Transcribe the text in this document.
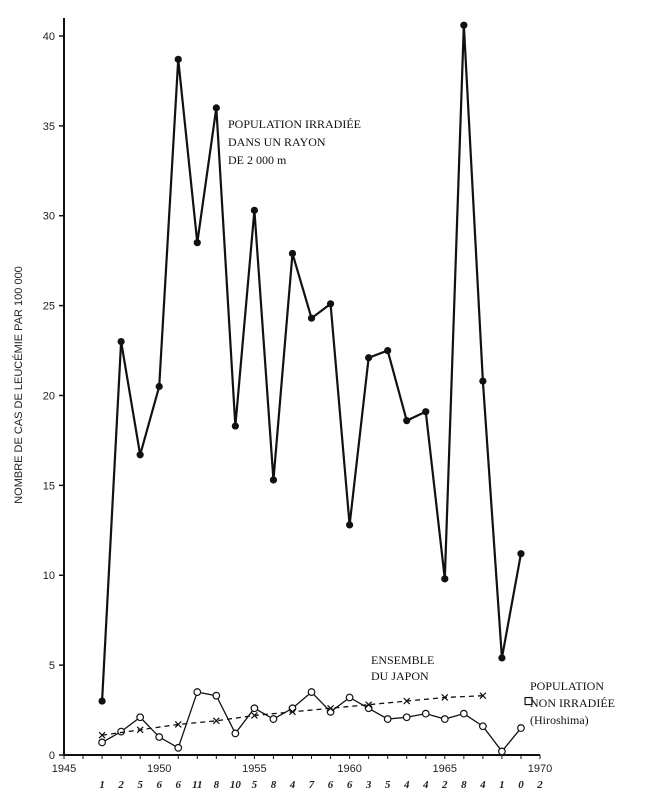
0
5
10
15
20
25
30
35
40
1945	1950	1955	1960	1965	1970
1 2 5 6 6 11 8 10 5 8 4 7 6 6 3 5 4 4 2 8 4 1 0 2
NOMBRE DE CAS DE LEUCÉMIE PAR 100 000
POPULATION IRRADIÉE
DANS UN RAYON
DE 2 000 m
POPULATION
NON IRRADIÉE
(Hiroshima)
ENSEMBLE
DU JAPON
